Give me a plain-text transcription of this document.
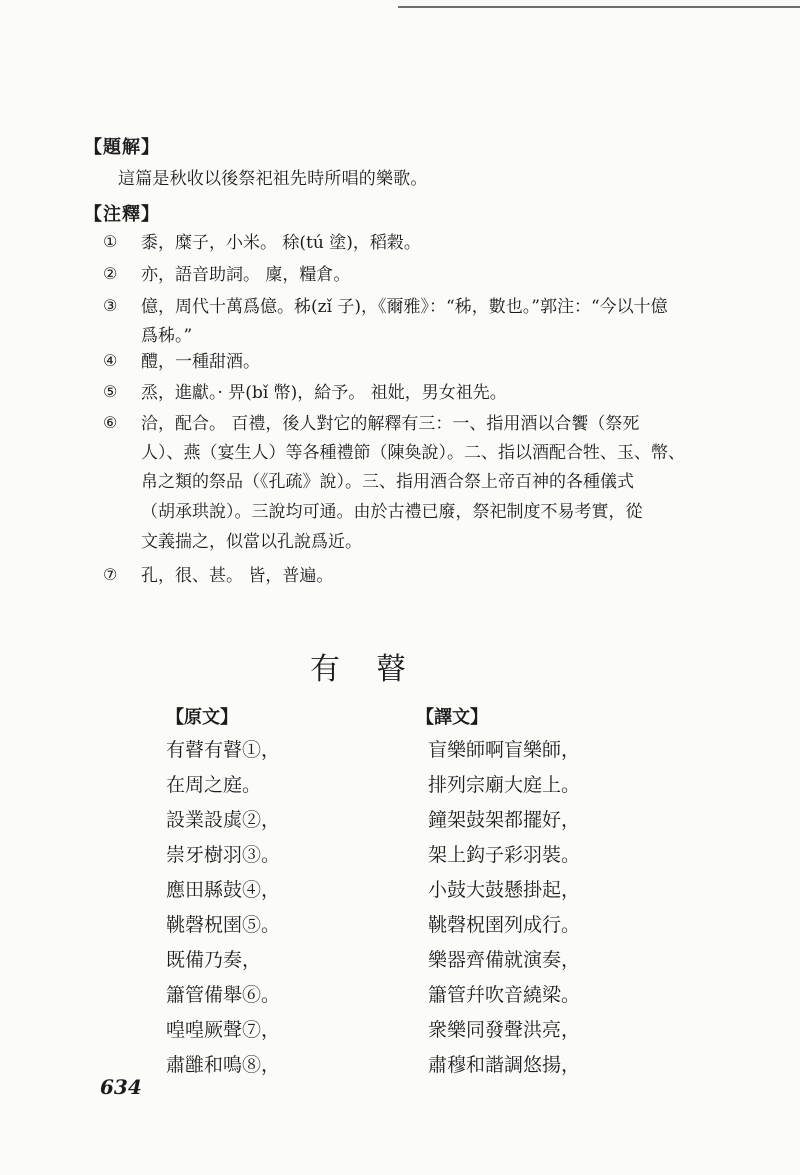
【題解】
這篇是秋收以後祭祀祖先時所唱的樂歌。
【注釋】
① 黍，糜子，小米。 稌(tú 塗)，稻穀。
② 亦，語音助詞。 廩，糧倉。
③ 億，周代十萬爲億。秭(zǐ 子)，《爾雅》：“秭，數也。”郭注：“今以十億
爲秭。”
④ 醴，一種甜酒。
⑤ 烝，進獻。· 畀(bǐ 幣)，給予。 祖妣，男女祖先。
⑥ 洽，配合。 百禮，後人對它的解釋有三：一、指用酒以合饗（祭死
人）、燕（宴生人）等各種禮節（陳奐說）。二、指以酒配合牲、玉、幣、
帛之類的祭品（《孔疏》說）。三、指用酒合祭上帝百神的各種儀式
（胡承珙說）。三說均可通。由於古禮已廢，祭祀制度不易考實，從
文義揣之，似當以孔說爲近。
⑦ 孔，很、甚。 皆，普遍。
有瞽
【原文】	【譯文】
有瞽有瞽①，
在周之庭。
設業設虡②，
崇牙樹羽③。
應田縣鼓④，
鞉磬柷圉⑤。
既備乃奏，
簫管備舉⑥。
喤喤厥聲⑦，
肅雝和鳴⑧，
盲樂師啊盲樂師，
排列宗廟大庭上。
鐘架鼓架都擺好，
架上鈎子彩羽裝。
小鼓大鼓懸掛起，
鞉磬柷圉列成行。
樂器齊備就演奏，
簫管幷吹音繞梁。
衆樂同發聲洪亮，
肅穆和諧調悠揚，
634
